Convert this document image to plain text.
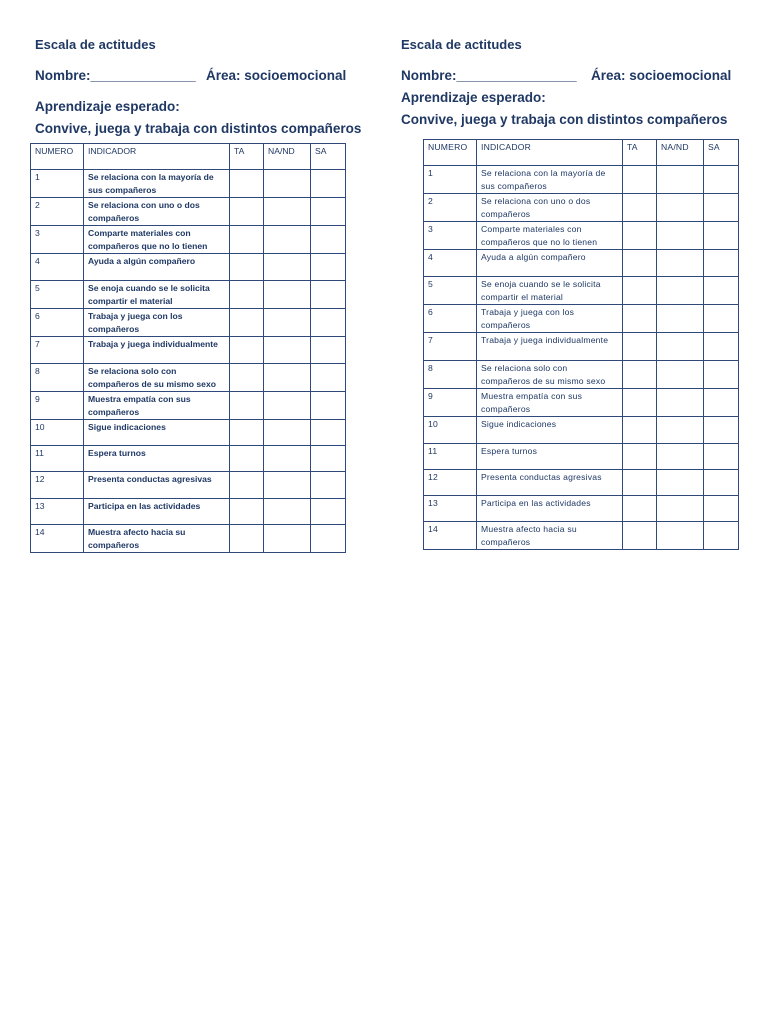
Escala de actitudes
Nombre:______________ Área: socioemocional
Aprendizaje esperado:
Convive, juega y trabaja con distintos compañeros
NUMERO	INDICADOR	TA	NA/ND	SA
1	Se relaciona con la mayoría de sus compañeros			
2	Se relaciona con uno o dos compañeros			
3	Comparte materiales con compañeros que no lo tienen			
4	Ayuda a algún compañero			
5	Se enoja cuando se le solicita compartir el material			
6	Trabaja y juega con los compañeros			
7	Trabaja y juega individualmente			
8	Se relaciona solo con compañeros de su mismo sexo			
9	Muestra empatía con sus compañeros			
10	Sigue indicaciones			
11	Espera turnos			
12	Presenta conductas agresivas			
13	Participa en las actividades			
14	Muestra afecto hacia su compañeros			
Escala de actitudes
Nombre:________________ Área: socioemocional
Aprendizaje esperado:
Convive, juega y trabaja con distintos compañeros
NUMERO	INDICADOR	TA	NA/ND	SA
1	Se relaciona con la mayoría de sus compañeros			
2	Se relaciona con uno o dos compañeros			
3	Comparte materiales con compañeros que no lo tienen			
4	Ayuda a algún compañero			
5	Se enoja cuando se le solicita compartir el material			
6	Trabaja y juega con los compañeros			
7	Trabaja y juega individualmente			
8	Se relaciona solo con compañeros de su mismo sexo			
9	Muestra empatía con sus compañeros			
10	Sigue indicaciones			
11	Espera turnos			
12	Presenta conductas agresivas			
13	Participa en las actividades			
14	Muestra afecto hacia su compañeros			
